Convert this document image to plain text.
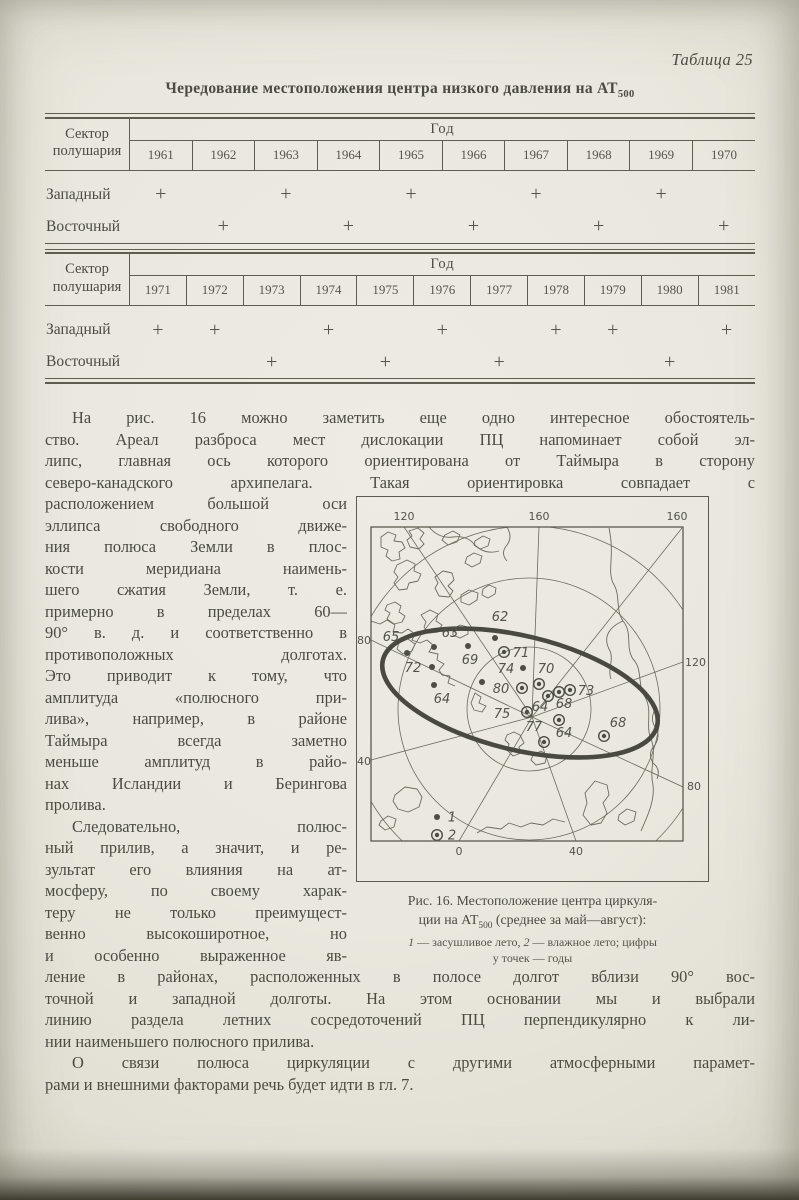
Таблица 25
Чередование местоположения центра низкого давления на $АТ_{500}$
Сектор
полушария	Год									
	1961	1962	1963	1964	1965	1966	1967	1968	1969	1970
Западный	+		+		+		+		+	
Восточный		+		+		+		+		+
Сектор
полушария	Год										
	1971	1972	1973	1974	1975	1976	1977	1978	1979	1980	1981
Западный	+	+		+		+		+	+		+
Восточный			+		+		+			+	
На рис. 16 можно заметить еще одно интересное обостоятель-
ство. Ареал разброса мест дислокации ПЦ напоминает собой эл-
липс, главная ось которого ориентирована от Таймыра в сторону
северо-канадского архипелага. Такая ориентировка совпадает с
65	63
62
72
69	71
74 70
64
80
64 68
73
75
77 64
68
1
2
120	160	160
80
40
120
80
0	40
Рис. 16. Местоположение центра циркуля-
ции на $АТ_{500}$ (среднее за май—август):
1 — засушливое лето, 2 — влажное лето; цифры
у точек — годы
расположением большой оси
эллипса свободного движе-
ния полюса Земли в плос-
кости меридиана наимень-
шего сжатия Земли, т. е.
примерно в пределах 60—
90° в. д. и соответственно в
противоположных долготах.
Это приводит к тому, что
амплитуда «полюсного при-
лива», например, в районе
Таймыра всегда заметно
меньше амплитуд в райо-
нах Исландии и Берингова
пролива.
Следовательно, полюс-
ный прилив, а значит, и ре-
зультат его влияния на ат-
мосферу, по своему харак-
теру не только преимущест-
венно высокоширотное, но
и особенно выраженное яв-
ление в районах, расположенных в полосе долгот вблизи 90° вос-
точной и западной долготы. На этом основании мы и выбрали
линию раздела летних сосредоточений ПЦ перпендикулярно к ли-
нии наименьшего полюсного прилива.
О связи полюса циркуляции с другими атмосферными парамет-
рами и внешними факторами речь будет идти в гл. 7.
